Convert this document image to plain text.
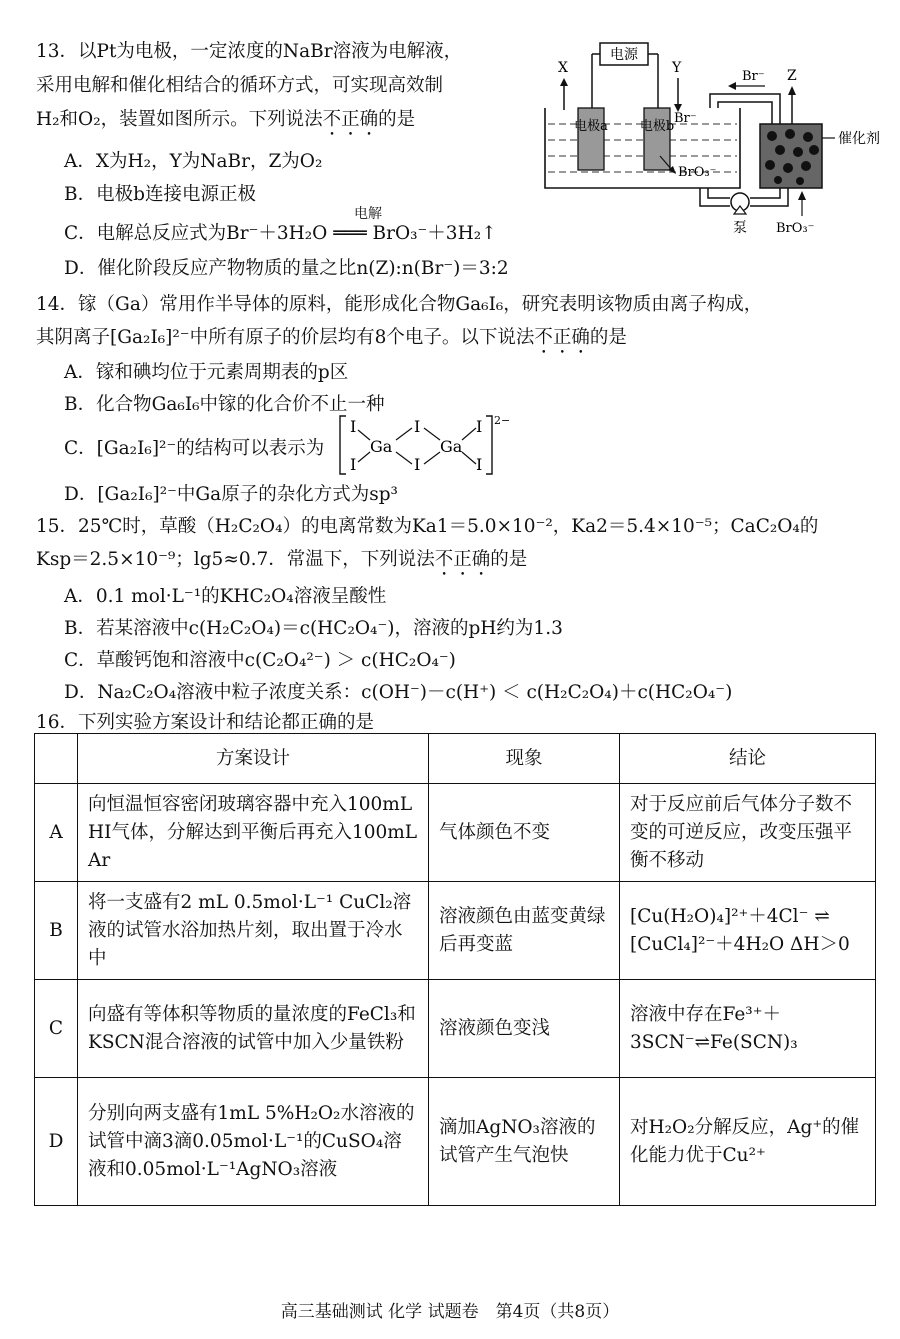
13．以Pt为电极，一定浓度的NaBr溶液为电解液，
采用电解和催化相结合的循环方式，可实现高效制
H₂和O₂，装置如图所示。下列说法不正确的是
A．X为H₂，Y为NaBr，Z为O₂
B．电极b连接电源正极
C．电解总反应式为Br⁻＋3H₂O ═══ BrO₃⁻＋3H₂↑
电解
D．催化阶段反应产物物质的量之比n(Z):n(Br⁻)＝3:2
电源
X	Y
电极a 电极b
Br⁻
BrO₃⁻
Br⁻
催化剂
Z
泵 BrO₃⁻
14．镓（Ga）常用作半导体的原料，能形成化合物Ga₆I₆，研究表明该物质由离子构成，
其阴离子[Ga₂I₆]²⁻中所有原子的价层均有8个电子。以下说法不正确的是
A．镓和碘均位于元素周期表的p区
B．化合物Ga₆I₆中镓的化合价不止一种
C．[Ga₂I₆]²⁻的结构可以表示为
I
I
Ga
I
I
Ga
I
I
2−
D．[Ga₂I₆]²⁻中Ga原子的杂化方式为sp³
15．25℃时，草酸（H₂C₂O₄）的电离常数为Ka1＝5.0×10⁻²，Ka2＝5.4×10⁻⁵；CaC₂O₄的
Ksp＝2.5×10⁻⁹；lg5≈0.7．常温下，下列说法不正确的是
A．0.1 mol·L⁻¹的KHC₂O₄溶液呈酸性
B．若某溶液中c(H₂C₂O₄)＝c(HC₂O₄⁻)，溶液的pH约为1.3
C．草酸钙饱和溶液中c(C₂O₄²⁻) ＞ c(HC₂O₄⁻)
D．Na₂C₂O₄溶液中粒子浓度关系：c(OH⁻)－c(H⁺) ＜ c(H₂C₂O₄)＋c(HC₂O₄⁻)
16．下列实验方案设计和结论都正确的是
	方案设计	现象	结论
A	向恒温恒容密闭玻璃容器中充入100mL HI气体，分解达到平衡后再充入100mL Ar	气体颜色不变	对于反应前后气体分子数不变的可逆反应，改变压强平衡不移动
B	将一支盛有2 mL 0.5mol·L⁻¹ CuCl₂溶液的试管水浴加热片刻，取出置于冷水中	溶液颜色由蓝变黄绿后再变蓝	[Cu(H₂O)₄]²⁺＋4Cl⁻ ⇌ [CuCl₄]²⁻＋4H₂O ΔH＞0
C	向盛有等体积等物质的量浓度的FeCl₃和KSCN混合溶液的试管中加入少量铁粉	溶液颜色变浅	溶液中存在Fe³⁺＋3SCN⁻⇌Fe(SCN)₃
D	分别向两支盛有1mL 5%H₂O₂水溶液的试管中滴3滴0.05mol·L⁻¹的CuSO₄溶液和0.05mol·L⁻¹AgNO₃溶液	滴加AgNO₃溶液的试管产生气泡快	对H₂O₂分解反应，Ag⁺的催化能力优于Cu²⁺
高三基础测试 化学 试题卷　第4页（共8页）
